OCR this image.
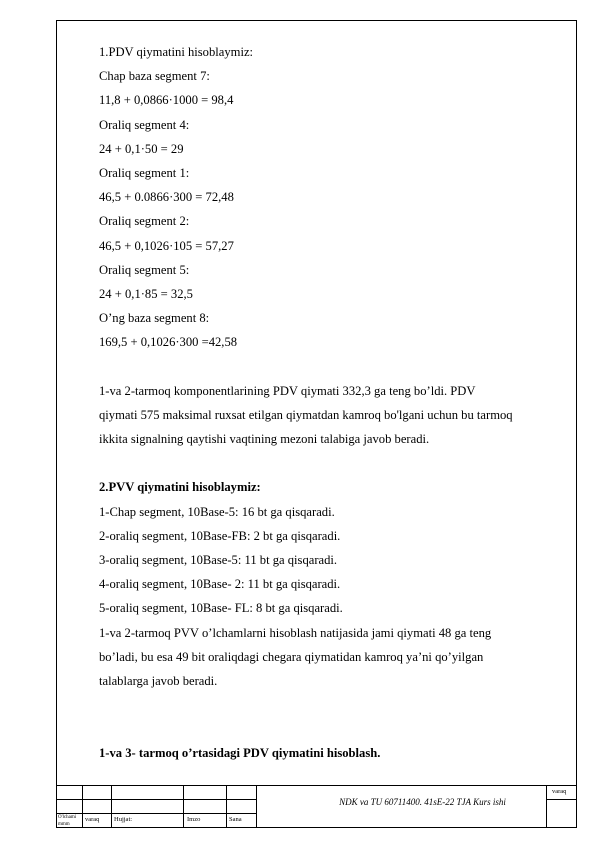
1.PDV qiymatini hisoblaymiz:
Chap baza segment 7:
11,8 + 0,0866·1000 = 98,4
Oraliq segment 4:
24 + 0,1·50 = 29
Oraliq segment 1:
46,5 + 0.0866·300 = 72,48
Oraliq segment 2:
46,5 + 0,1026·105 = 57,27
Oraliq segment 5:
24 + 0,1·85 = 32,5
O’ng baza segment 8:
169,5 + 0,1026·300 =42,58
1-va 2-tarmoq komponentlarining PDV qiymati 332,3 ga teng bo’ldi. PDV
qiymati 575 maksimal ruxsat etilgan qiymatdan kamroq bo'lgani uchun bu tarmoq
ikkita signalning qaytishi vaqtining mezoni talabiga javob beradi.
2.PVV qiymatini hisoblaymiz:
1-Chap segment, 10Base-5: 16 bt ga qisqaradi.
2-oraliq segment, 10Base-FB: 2 bt ga qisqaradi.
3-oraliq segment, 10Base-5: 11 bt ga qisqaradi.
4-oraliq segment, 10Base- 2: 11 bt ga qisqaradi.
5-oraliq segment, 10Base- FL: 8 bt ga qisqaradi.
1-va 2-tarmoq PVV o’lchamlarni hisoblash natijasida jami qiymati 48 ga teng
bo’ladi, bu esa 49 bit oraliqdagi chegara qiymatidan kamroq ya’ni qo’yilgan
talablarga javob beradi.
1-va 3- tarmoq o’rtasidagi PDV qiymatini hisoblash.
O'lchami
mmm
varaq Hujjat:	Imzo	Sana
NDK va TU 60711400. 41sE-22 TJA Kurs ishi
varaq
